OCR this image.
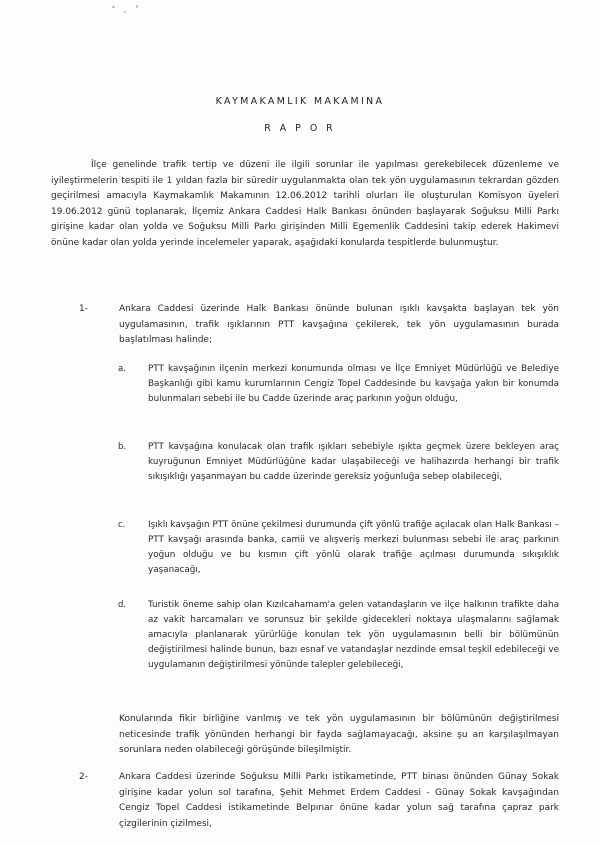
KAYMAKAMLIK MAKAMINA
R A P O R

İlçe genelinde trafik tertip ve düzeni ile ilgili sorunlar ile yapılması gerekebilecek düzenleme ve iyileştirmelerin tespiti ile 1 yıldan fazla bir süredir uygulanmakta olan tek yön uygulamasının tekrardan gözden geçirilmesi amacıyla Kaymakamlık Makamının 12.06.2012 tarihli olurları ile oluşturulan Komisyon üyeleri 19.06.2012 günü toplanarak, İlçemiz Ankara Caddesi Halk Bankası önünden başlayarak Soğuksu Milli Parkı girişine kadar olan yolda ve Soğuksu Milli Parkı girişinden Milli Egemenlik Caddesini takip ederek Hakimevi önüne kadar olan yolda yerinde incelemeler yaparak, aşağıdaki konularda tespitlerde bulunmuştur.

1-	Ankara Caddesi üzerinde Halk Bankası önünde bulunan ışıklı kavşakta başlayan tek yön uygulamasının, trafik ışıklarının PTT kavşağına çekilerek, tek yön uygulamasının burada başlatılması halinde;

a.	PTT kavşağının ilçenin merkezi konumunda olması ve İlçe Emniyet Müdürlüğü ve Belediye Başkanlığı gibi kamu kurumlarının Cengiz Topel Caddesinde bu kavşağa yakın bir konumda bulunmaları sebebi ile bu Cadde üzerinde araç parkının yoğun olduğu,

b. PTT kavşağına konulacak olan trafik ışıkları sebebiyle ışıkta geçmek üzere bekleyen araç kuyruğunun Emniyet Müdürlüğüne kadar ulaşabileceği ve halihazırda herhangi bir trafik sıkışıklığı yaşanmayan bu cadde üzerinde gereksiz yoğunluğa sebep olabileceği,

c.	Işıklı kavşağın PTT önüne çekilmesi durumunda çift yönlü trafiğe açılacak olan Halk Bankası – PTT kavşağı arasında banka, camii ve alışveriş merkezi bulunması sebebi ile araç parkının yoğun olduğu ve bu kısmın çift yönlü olarak trafiğe açılması durumunda sıkışıklık yaşanacağı,

d. Turistik öneme sahip olan Kızılcahamam'a gelen vatandaşların ve ilçe halkının trafikte daha az vakit harcamaları ve sorunsuz bir şekilde gidecekleri noktaya ulaşmalarını sağlamak amacıyla planlanarak yürürlüğe konulan tek yön uygulamasının belli bir bölümünün değiştirilmesi halinde bunun, bazı esnaf ve vatandaşlar nezdinde emsal teşkil edebileceği ve uygulamanın değiştirilmesi yönünde talepler gelebileceği,

Konularında fikir birliğine varılmış ve tek yön uygulamasının bir bölümünün değiştirilmesi neticesinde trafik yönünden herhangi bir fayda sağlamayacağı, aksine şu an karşılaşılmayan sorunlara neden olabileceği görüşünde bileşilmiştir.

2-	Ankara Caddesi üzerinde Soğuksu Milli Parkı istikametinde, PTT binası önünden Günay Sokak girişine kadar yolun sol tarafına, Şehit Mehmet Erdem Caddesi - Günay Sokak kavşağından Cengiz Topel Caddesi istikametinde Belpınar önüne kadar yolun sağ tarafına çapraz park çizgilerinin çizilmesi,
